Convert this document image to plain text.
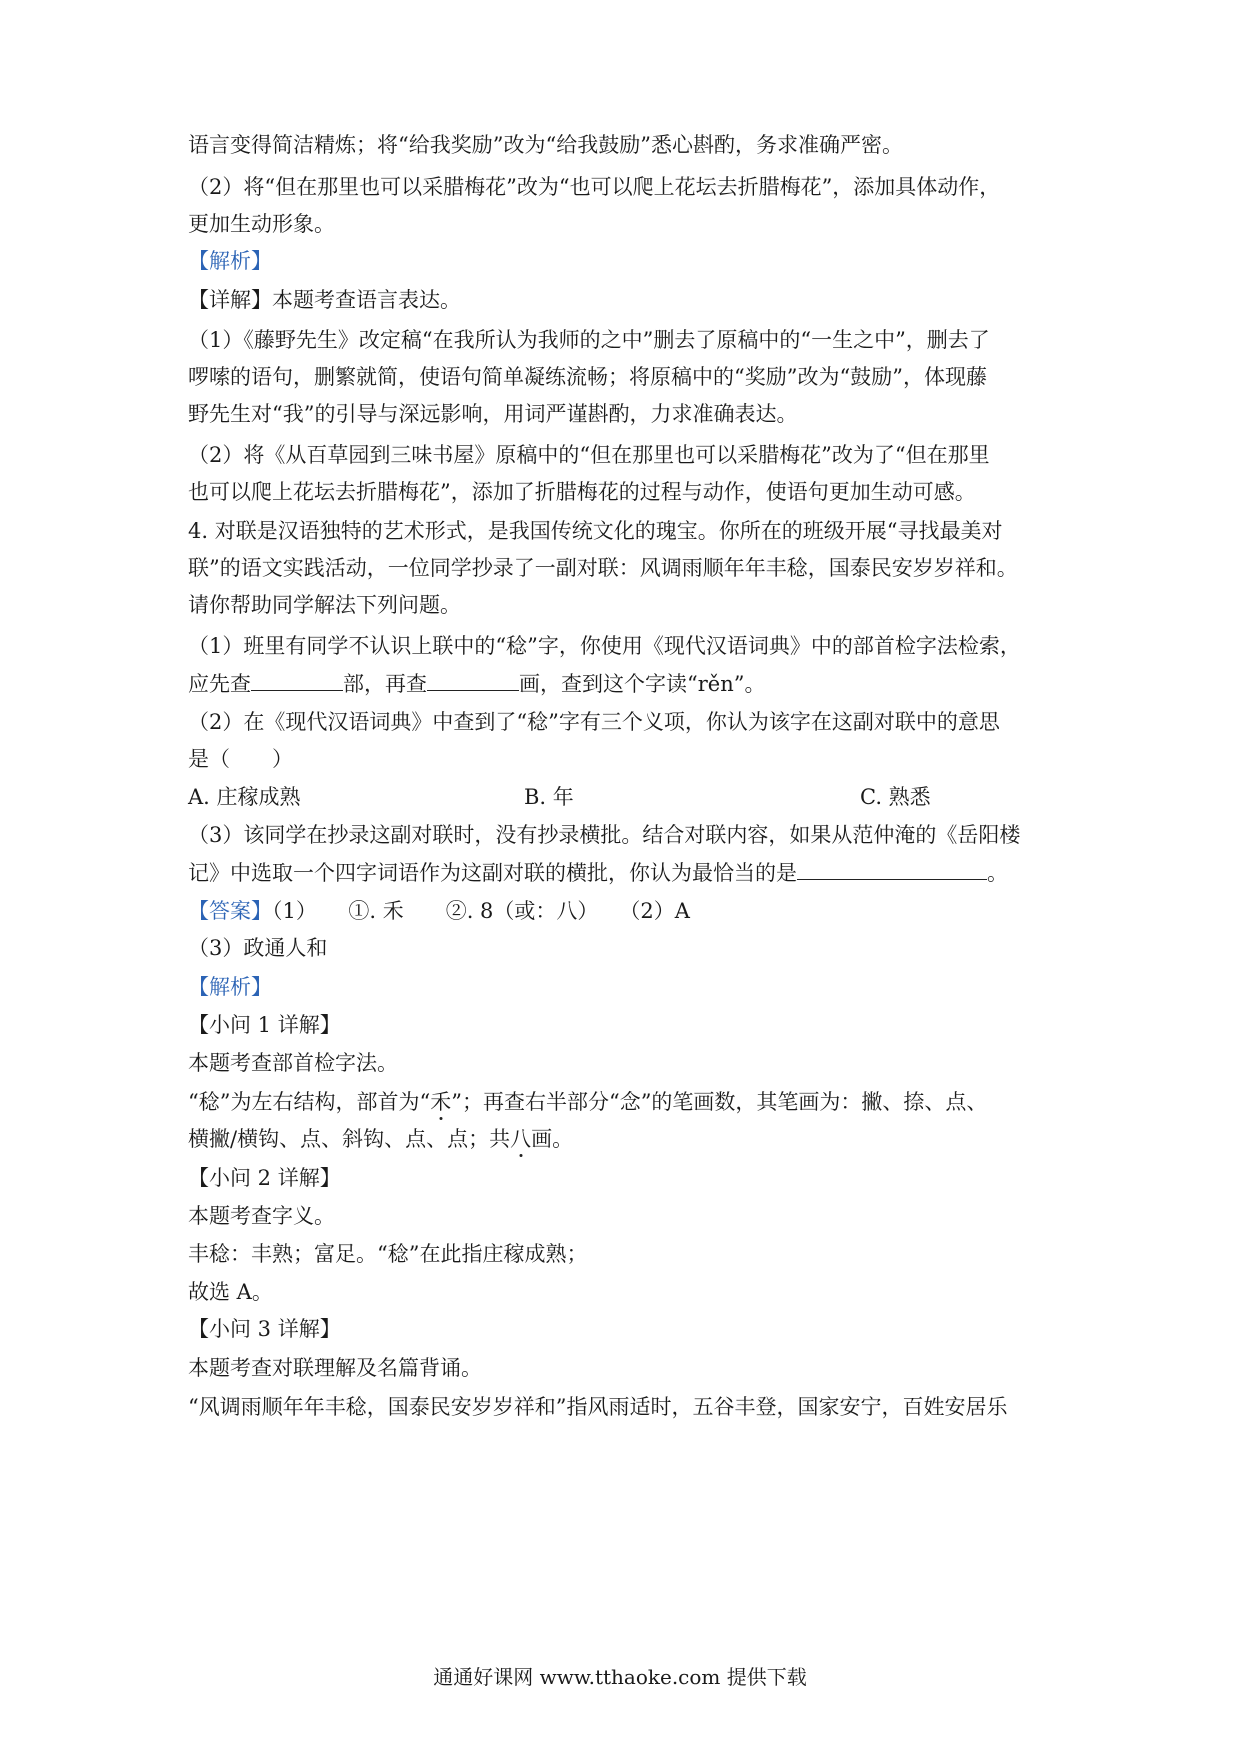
语言变得简洁精炼；将“给我奖励”改为“给我鼓励”悉心斟酌，务求准确严密。
（2）将“但在那里也可以采腊梅花”改为“也可以爬上花坛去折腊梅花”，添加具体动作，
更加生动形象。
【解析】
【详解】本题考查语言表达。
（1）《藤野先生》改定稿“在我所认为我师的之中”删去了原稿中的“一生之中”，删去了
啰嗦的语句，删繁就简，使语句简单凝练流畅；将原稿中的“奖励”改为“鼓励”，体现藤
野先生对“我”的引导与深远影响，用词严谨斟酌，力求准确表达。
（2）将《从百草园到三味书屋》原稿中的“但在那里也可以采腊梅花”改为了“但在那里
也可以爬上花坛去折腊梅花”，添加了折腊梅花的过程与动作，使语句更加生动可感。
4. 对联是汉语独特的艺术形式，是我国传统文化的瑰宝。你所在的班级开展“寻找最美对
联”的语文实践活动，一位同学抄录了一副对联：风调雨顺年年丰稔，国泰民安岁岁祥和。
请你帮助同学解法下列问题。
（1）班里有同学不认识上联中的“稔”字，你使用《现代汉语词典》中的部首检字法检索，
应先查	部，再查	画，查到这个字读“rěn”。
（2）在《现代汉语词典》中查到了“稔”字有三个义项，你认为该字在这副对联中的意思
是（　　）
A. 庄稼成熟	B. 年	C. 熟悉
（3）该同学在抄录这副对联时，没有抄录横批。结合对联内容，如果从范仲淹的《岳阳楼
记》中选取一个四字词语作为这副对联的横批，你认为最恰当的是	。
【答案】（1）　　①. 禾　　②. 8（或：八）　　（2）A
（3）政通人和
【解析】
【小问 1 详解】
本题考查部首检字法。
“稔”为左右结构，部首为“禾”；再查右半部分“念”的笔画数，其笔画为：撇、捺、点、
横撇/横钩、点、斜钩、点、点；共八画。
【小问 2 详解】
本题考查字义。
丰稔：丰熟；富足。“稔”在此指庄稼成熟；
故选 A。
【小问 3 详解】
本题考查对联理解及名篇背诵。
“风调雨顺年年丰稔，国泰民安岁岁祥和”指风雨适时，五谷丰登，国家安宁，百姓安居乐
通通好课网 www.tthaoke.com 提供下载
